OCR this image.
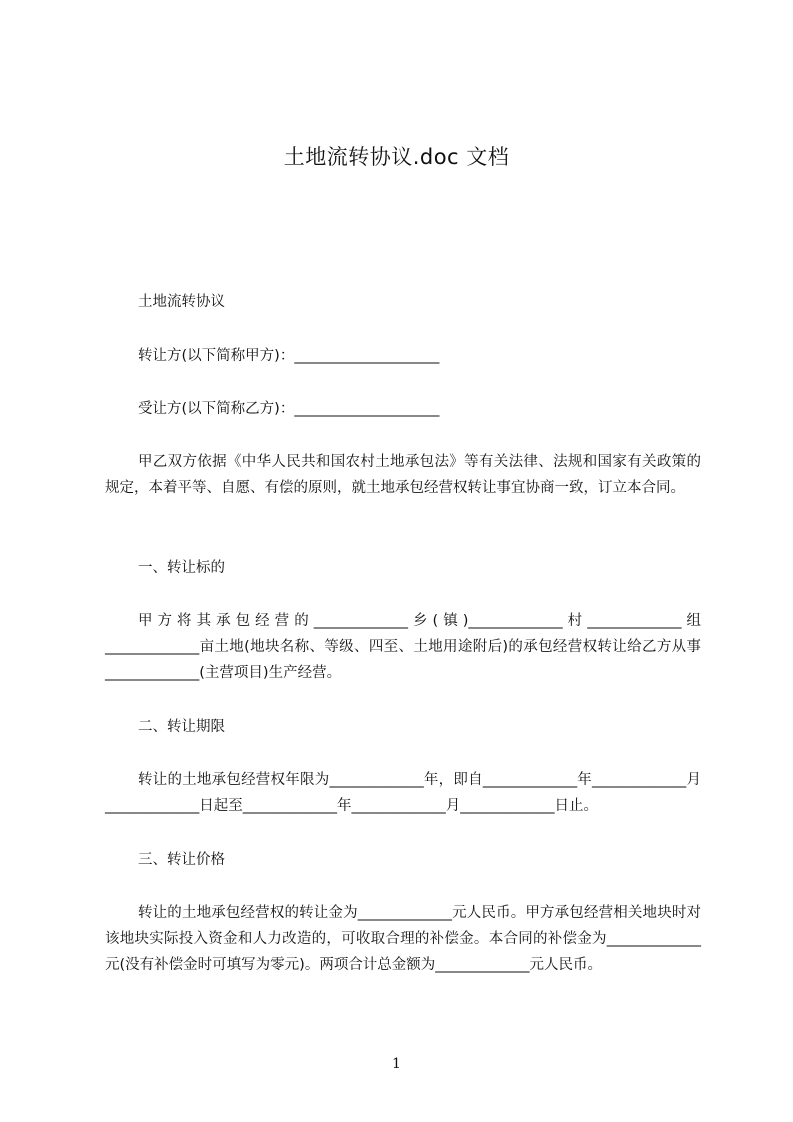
土地流转协议.doc 文档
土地流转协议
转让方(以下简称甲方)：____________________
受让方(以下简称乙方)：____________________
甲乙双方依据《中华人民共和国农村土地承包法》等有关法律、法规和国家有关政策的规定，本着平等、自愿、有偿的原则，就土地承包经营权转让事宜协商一致，订立本合同。
一、转让标的
甲方将其承包经营的_____________乡(镇)_____________村_____________组_____________亩土地(地块名称、等级、四至、土地用途附后)的承包经营权转让给乙方从事_____________(主营项目)生产经营。
二、转让期限
转让的土地承包经营权年限为_____________年，即自_____________年_____________月_____________日起至_____________年_____________月_____________日止。
三、转让价格
转让的土地承包经营权的转让金为_____________元人民币。甲方承包经营相关地块时对该地块实际投入资金和人力改造的，可收取合理的补偿金。本合同的补偿金为_____________元(没有补偿金时可填写为零元)。两项合计总金额为_____________元人民币。
1
